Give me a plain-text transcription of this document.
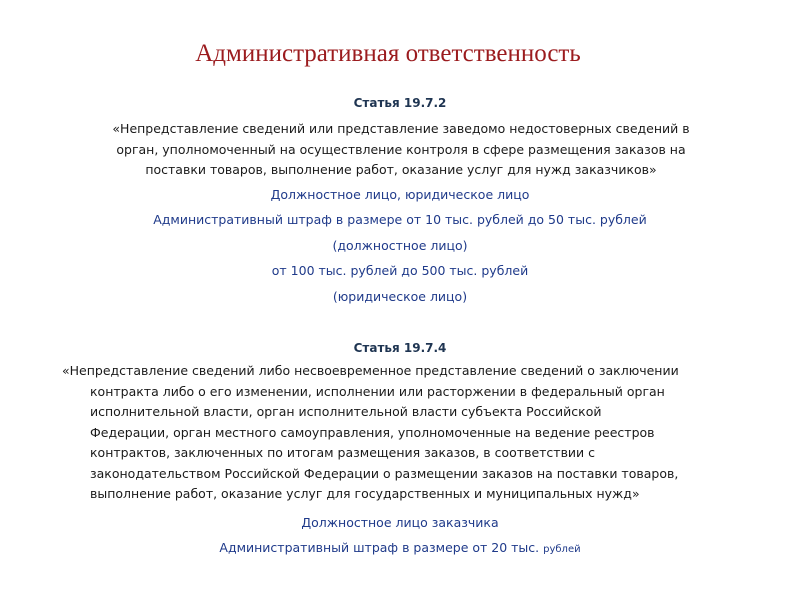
Административная ответственность
Статья 19.7.2
«Непредставление сведений или представление заведомо недостоверных сведений в
орган, уполномоченный на осуществление контроля в сфере размещения заказов на
поставки товаров, выполнение работ, оказание услуг для нужд заказчиков»
Должностное лицо, юридическое лицо
Административный штраф в размере от 10 тыс. рублей до 50 тыс. рублей
(должностное лицо)
от 100 тыс. рублей до 500 тыс. рублей
(юридическое лицо)
Статья 19.7.4
«Непредставление сведений либо несвоевременное представление сведений о заключении
контракта либо о его изменении, исполнении или расторжении в федеральный орган
исполнительной власти, орган исполнительной власти субъекта Российской
Федерации, орган местного самоуправления, уполномоченные на ведение реестров
контрактов, заключенных по итогам размещения заказов, в соответствии с
законодательством Российской Федерации о размещении заказов на поставки товаров,
выполнение работ, оказание услуг для государственных и муниципальных нужд»
Должностное лицо заказчика
Административный штраф в размере от 20 тыс. рублей
